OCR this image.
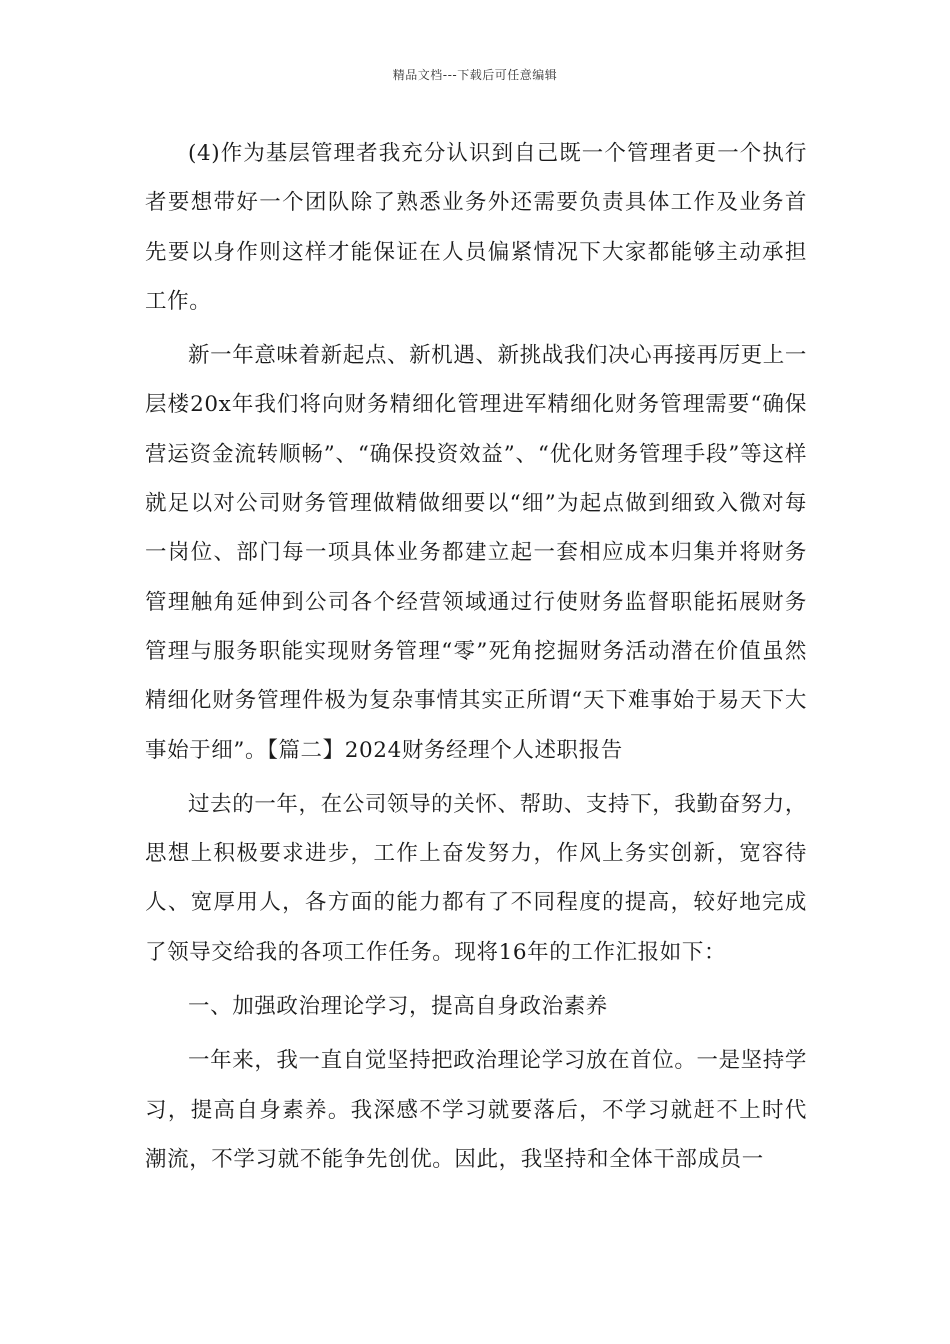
精品文档---下载后可任意编辑

(4)作为基层管理者我充分认识到自己既一个管理者更一个执行者要想带好一个团队除了熟悉业务外还需要负责具体工作及业务首先要以身作则这样才能保证在人员偏紧情况下大家都能够主动承担工作。

新一年意味着新起点、新机遇、新挑战我们决心再接再厉更上一层楼20x年我们将向财务精细化管理进军精细化财务管理需要“确保营运资金流转顺畅”、“确保投资效益”、“优化财务管理手段”等这样就足以对公司财务管理做精做细要以“细”为起点做到细致入微对每一岗位、部门每一项具体业务都建立起一套相应成本归集并将财务管理触角延伸到公司各个经营领域通过行使财务监督职能拓展财务管理与服务职能实现财务管理“零”死角挖掘财务活动潜在价值虽然精细化财务管理件极为复杂事情其实正所谓“天下难事始于易天下大事始于细”。【篇二】2024财务经理个人述职报告

过去的一年，在公司领导的关怀、帮助、支持下，我勤奋努力，思想上积极要求进步，工作上奋发努力，作风上务实创新，宽容待人、宽厚用人，各方面的能力都有了不同程度的提高，较好地完成了领导交给我的各项工作任务。现将16年的工作汇报如下：

一、加强政治理论学习，提高自身政治素养

一年来，我一直自觉坚持把政治理论学习放在首位。一是坚持学习，提高自身素养。我深感不学习就要落后，不学习就赶不上时代潮流，不学习就不能争先创优。因此，我坚持和全体干部成员一
